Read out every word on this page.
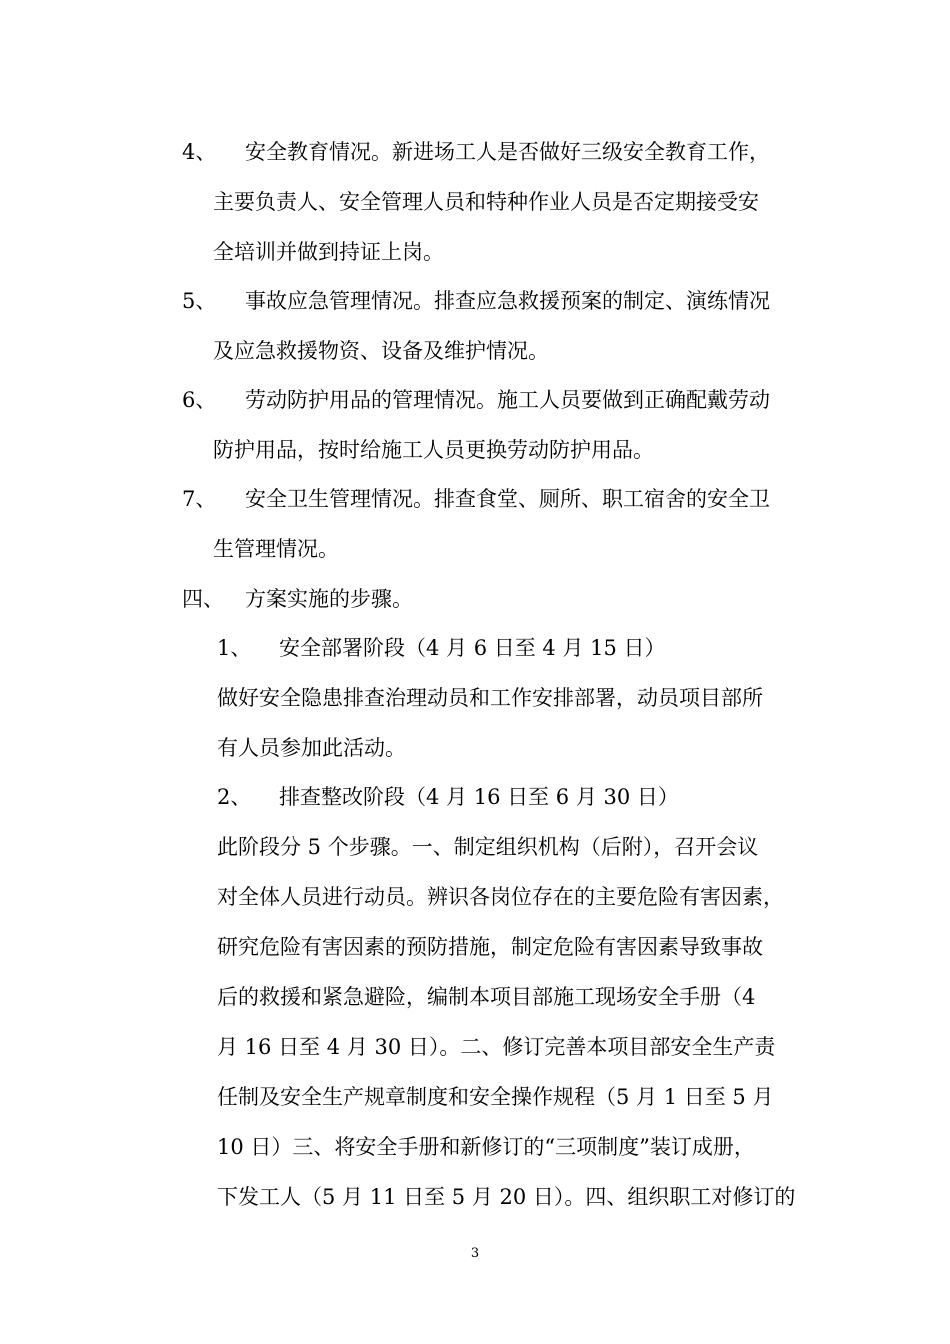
4、 安全教育情况。新进场工人是否做好三级安全教育工作，
主要负责人、安全管理人员和特种作业人员是否定期接受安
全培训并做到持证上岗。
5、 事故应急管理情况。排查应急救援预案的制定、演练情况
及应急救援物资、设备及维护情况。
6、 劳动防护用品的管理情况。施工人员要做到正确配戴劳动
防护用品，按时给施工人员更换劳动防护用品。
7、 安全卫生管理情况。排查食堂、厕所、职工宿舍的安全卫
生管理情况。
四、 方案实施的步骤。
1、 安全部署阶段（4 月 6 日至 4 月 15 日）
做好安全隐患排查治理动员和工作安排部署，动员项目部所
有人员参加此活动。
2、 排查整改阶段（4 月 16 日至 6 月 30 日）
此阶段分 5 个步骤。一、制定组织机构（后附），召开会议
对全体人员进行动员。辨识各岗位存在的主要危险有害因素，
研究危险有害因素的预防措施，制定危险有害因素导致事故
后的救援和紧急避险，编制本项目部施工现场安全手册（4
月 16 日至 4 月 30 日）。二、修订完善本项目部安全生产责
任制及安全生产规章制度和安全操作规程（5 月 1 日至 5 月
10 日）三、将安全手册和新修订的“三项制度”装订成册，
下发工人（5 月 11 日至 5 月 20 日）。四、组织职工对修订的
3
